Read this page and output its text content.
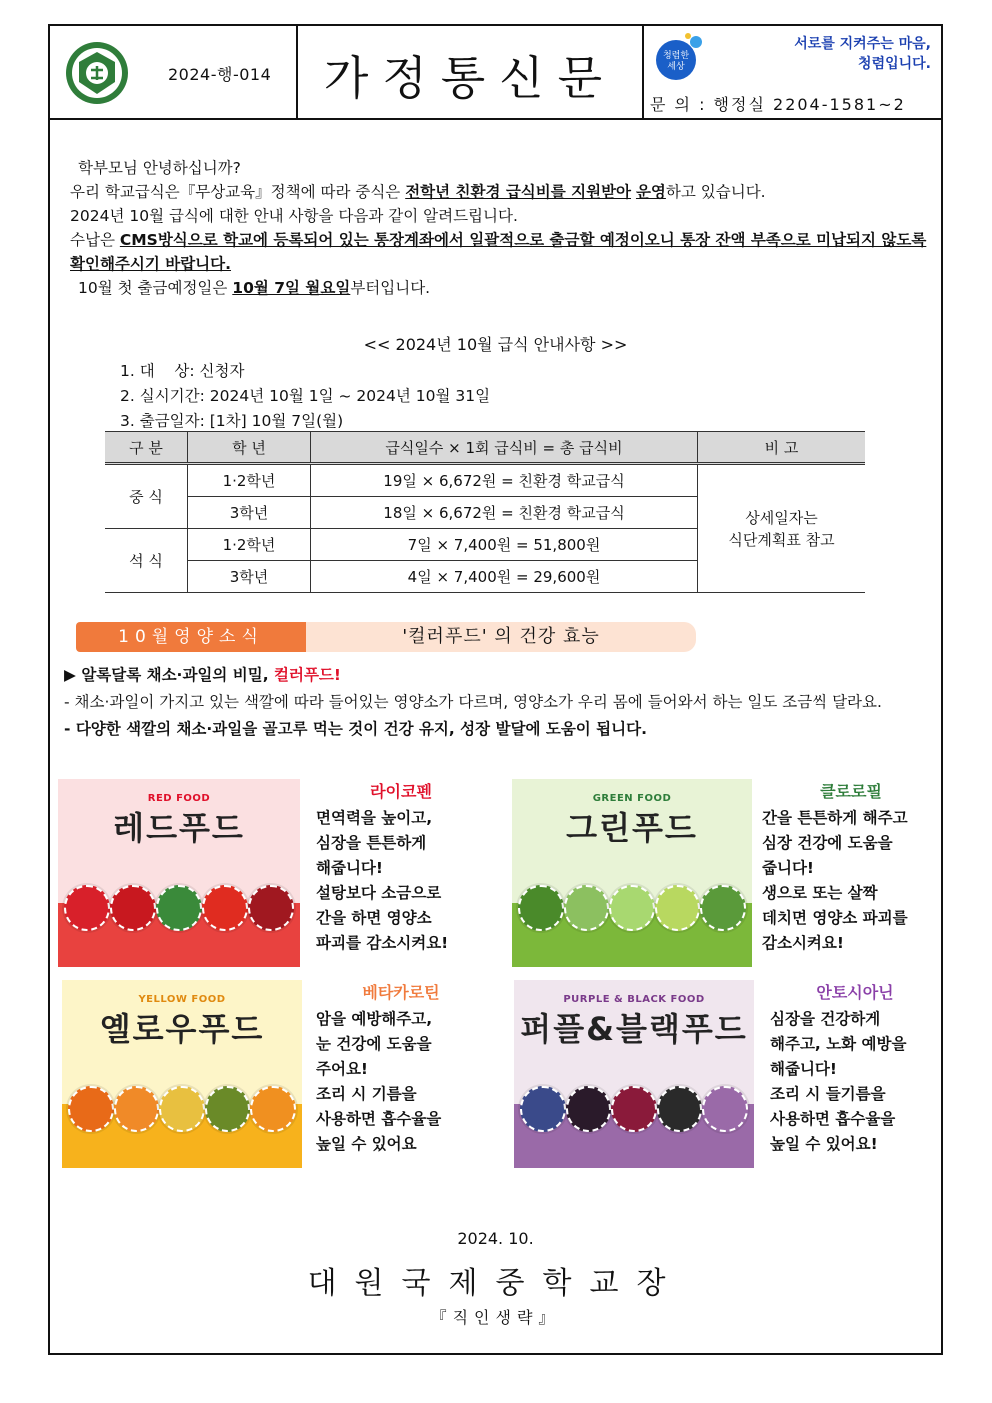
2024-행-014	가정통신문	청렴한
세상
서로를 지켜주는 마음,
청렴입니다.
문 의 : 행정실 2204-1581~2

학부모님 안녕하십니까?

우리 학교급식은『무상교육』정책에 따라 중식은 전학년 친환경 급식비를 지원받아 운영하고 있습니다.

2024년 10월 급식에 대한 안내 사항을 다음과 같이 알려드립니다.

수납은 CMS방식으로 학교에 등록되어 있는 통장계좌에서 일괄적으로 출금할 예정이오니 통장 잔액 부족으로 미납되지 않도록 확인해주시기 바랍니다.

10월 첫 출금예정일은 10월 7일 월요일부터입니다.

<< 2024년 10월 급식 안내사항 >>
1. 대    상: 신청자
2. 실시기간: 2024년 10월 1일 ~ 2024년 10월 31일
3. 출금일자: [1차] 10월 7일(월)
구 분	학 년	급식일수 × 1회 급식비 = 총 급식비	비 고
중 식	1·2학년	19일 × 6,672원 = 친환경 학교급식	상세일자는
식단계획표 참고

	3학년	18일 × 6,672원 = 친환경 학교급식	
석 식	1·2학년	7일 × 7,400원 = 51,800원	
	3학년	4일 × 7,400원 = 29,600원	
10월영양소식	'컬러푸드' 의 건강 효능

▶ 알록달록 채소·과일의 비밀, 컬러푸드!

- 채소·과일이 가지고 있는 색깔에 따라 들어있는 영양소가 다르며, 영양소가 우리 몸에 들어와서 하는 일도 조금씩 달라요.

- 다양한 색깔의 채소·과일을 골고루 먹는 것이 건강 유지, 성장 발달에 도움이 됩니다.

RED FOOD
레드푸드
라이코펜

면역력을 높이고,

심장을 튼튼하게

해줍니다!

설탕보다 소금으로

간을 하면 영양소

파괴를 감소시켜요!

GREEN FOOD
그린푸드
클로로필

간을 튼튼하게 해주고

심장 건강에 도움을

줍니다!

생으로 또는 살짝

데치면 영양소 파괴를

감소시켜요!

YELLOW FOOD
옐로우푸드
베타카로틴

암을 예방해주고,

눈 건강에 도움을

주어요!

조리 시 기름을

사용하면 흡수율을

높일 수 있어요

PURPLE & BLACK FOOD
퍼플&블랙푸드
안토시아닌

심장을 건강하게

해주고, 노화 예방을

해줍니다!

조리 시 들기름을

사용하면 흡수율을

높일 수 있어요!

2024. 10.
대원국제중학교장
『직인생략』
